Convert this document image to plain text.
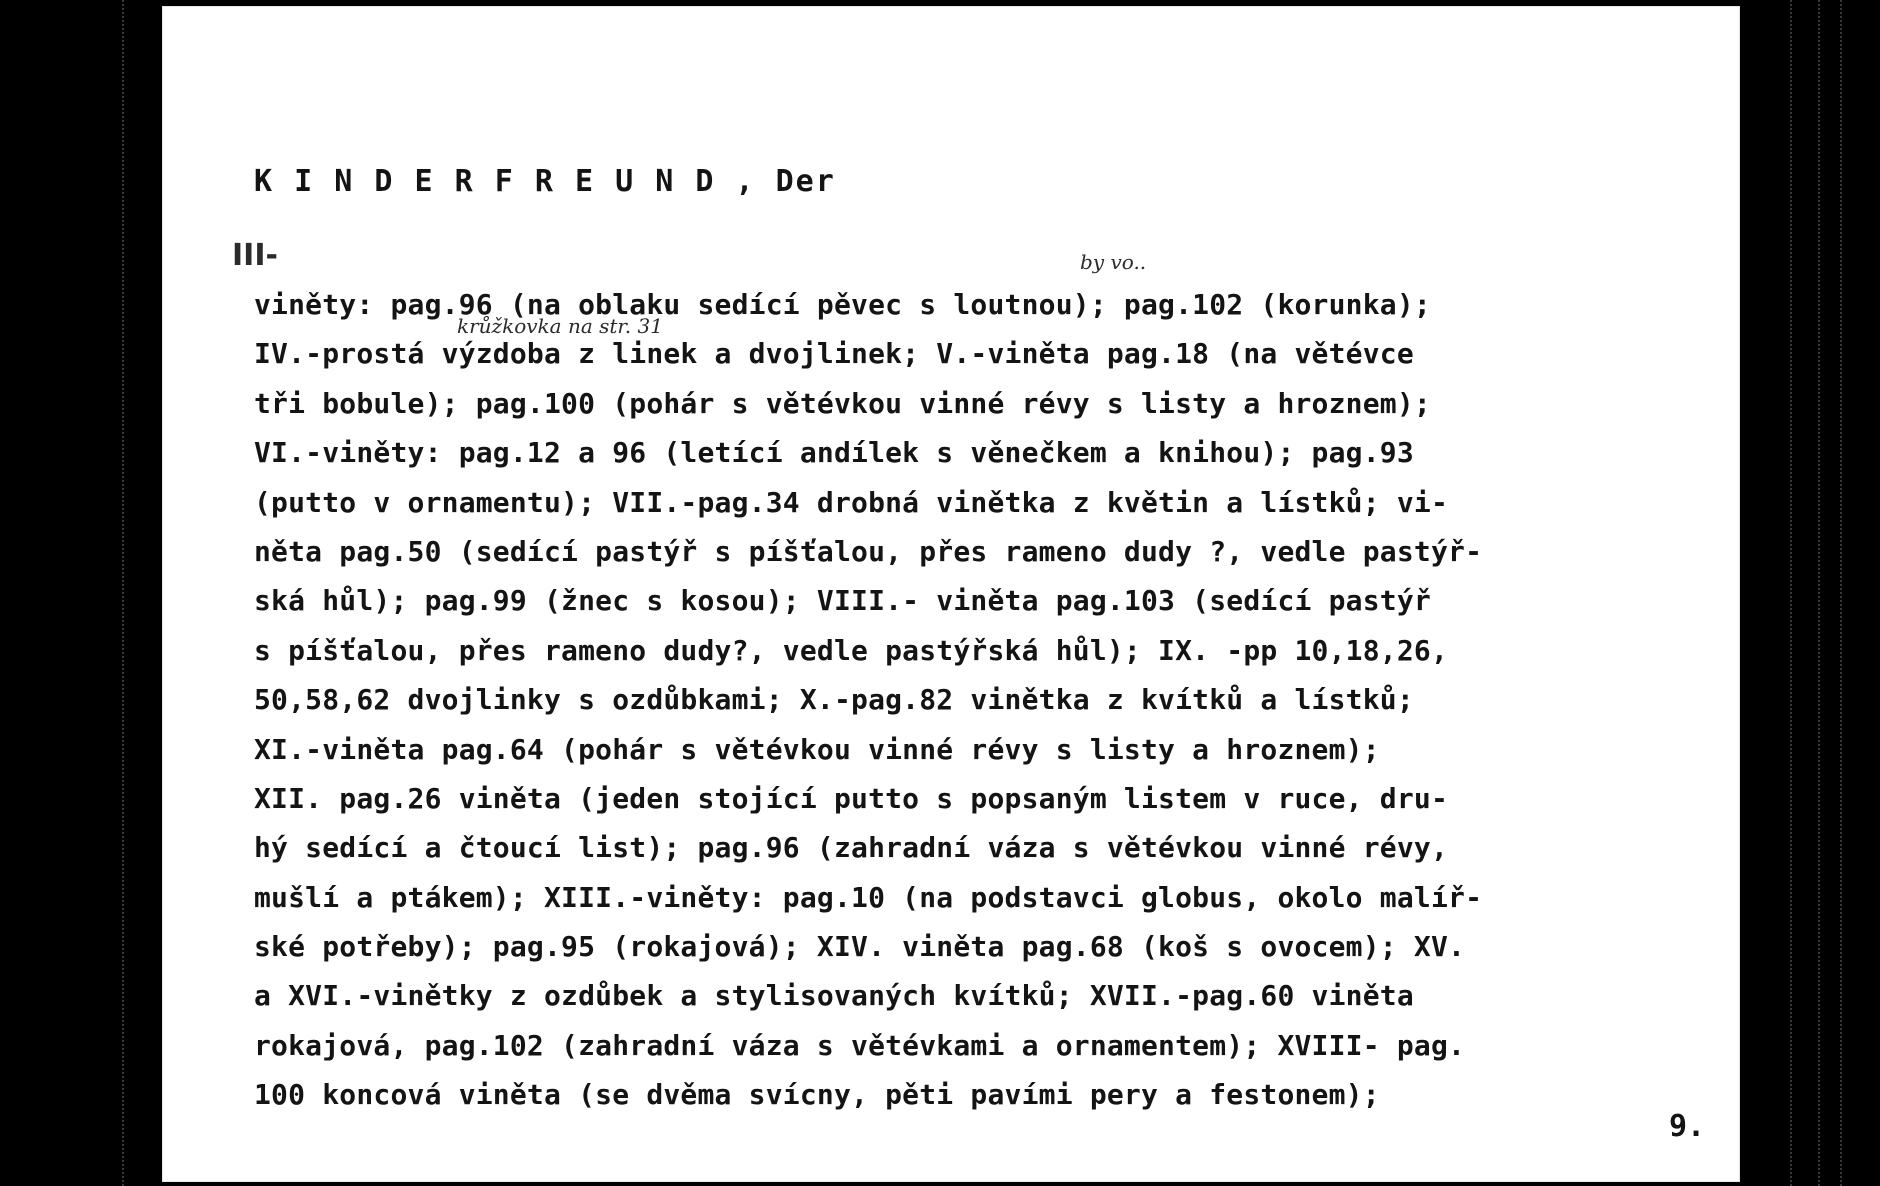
K I N D E R F R E U N D , Der

III-	by vo..
krůžkovka na str. 31
viněty: pag.96 (na oblaku sedící pěvec s loutnou); pag.102 (korunka);
IV.-prostá výzdoba z linek a dvojlinek; V.-viněta pag.18 (na větévce
tři bobule); pag.100 (pohár s větévkou vinné révy s listy a hroznem);
VI.-viněty: pag.12 a 96 (letící andílek s věnečkem a knihou); pag.93
(putto v ornamentu); VII.-pag.34 drobná vinětka z květin a lístků; vi-
něta pag.50 (sedící pastýř s píšťalou, přes rameno dudy ?, vedle pastýř-
ská hůl); pag.99 (žnec s kosou); VIII.- viněta pag.103 (sedící pastýř
s píšťalou, přes rameno dudy?, vedle pastýřská hůl); IX. -pp 10,18,26,
50,58,62 dvojlinky s ozdůbkami; X.-pag.82 vinětka z kvítků a lístků;
XI.-viněta pag.64 (pohár s větévkou vinné révy s listy a hroznem);
XII. pag.26 viněta (jeden stojící putto s popsaným listem v ruce, dru-
hý sedící a čtoucí list); pag.96 (zahradní váza s větévkou vinné révy,
mušlí a ptákem); XIII.-viněty: pag.10 (na podstavci globus, okolo malíř-
ské potřeby); pag.95 (rokajová); XIV. viněta pag.68 (koš s ovocem); XV.
a XVI.-vinětky z ozdůbek a stylisovaných kvítků; XVII.-pag.60 viněta
rokajová, pag.102 (zahradní váza s větévkami a ornamentem); XVIII- pag.
100 koncová viněta (se dvěma svícny, pěti pavími pery a festonem);

9.
